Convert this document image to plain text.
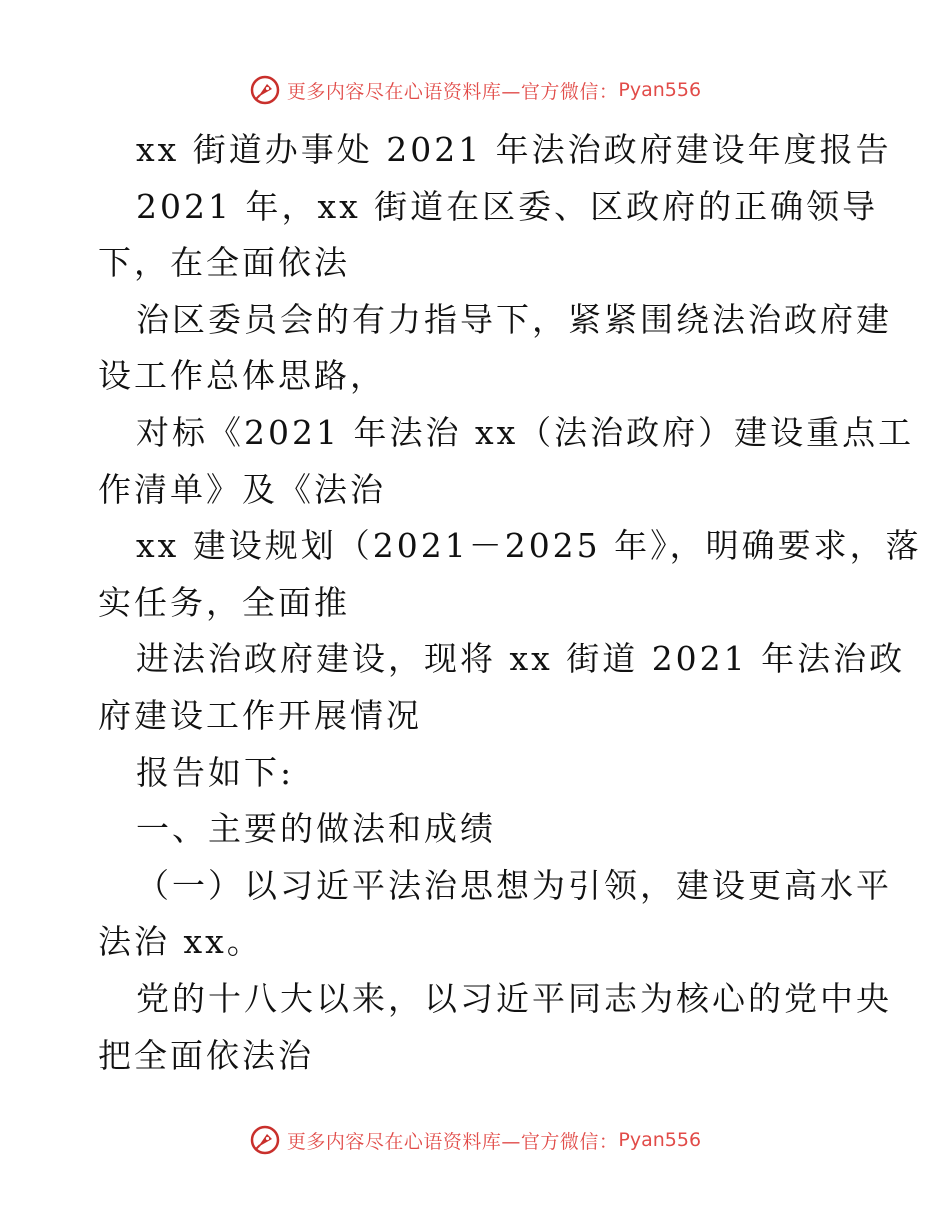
更多内容尽在心语资料库—官方微信： Pyan556
xx 街道办事处 2021 年法治政府建设年度报告
2021 年，xx 街道在区委、区政府的正确领导
下，在全面依法
治区委员会的有力指导下，紧紧围绕法治政府建
设工作总体思路，
对标《2021 年法治 xx（法治政府）建设重点工
作清单》及《法治
xx 建设规划（2021－2025 年》，明确要求，落
实任务，全面推
进法治政府建设，现将 xx 街道 2021 年法治政
府建设工作开展情况
报告如下:
一、主要的做法和成绩
（一）以习近平法治思想为引领，建设更高水平
法治 xx。
党的十八大以来，以习近平同志为核心的党中央
把全面依法治
更多内容尽在心语资料库—官方微信： Pyan556
